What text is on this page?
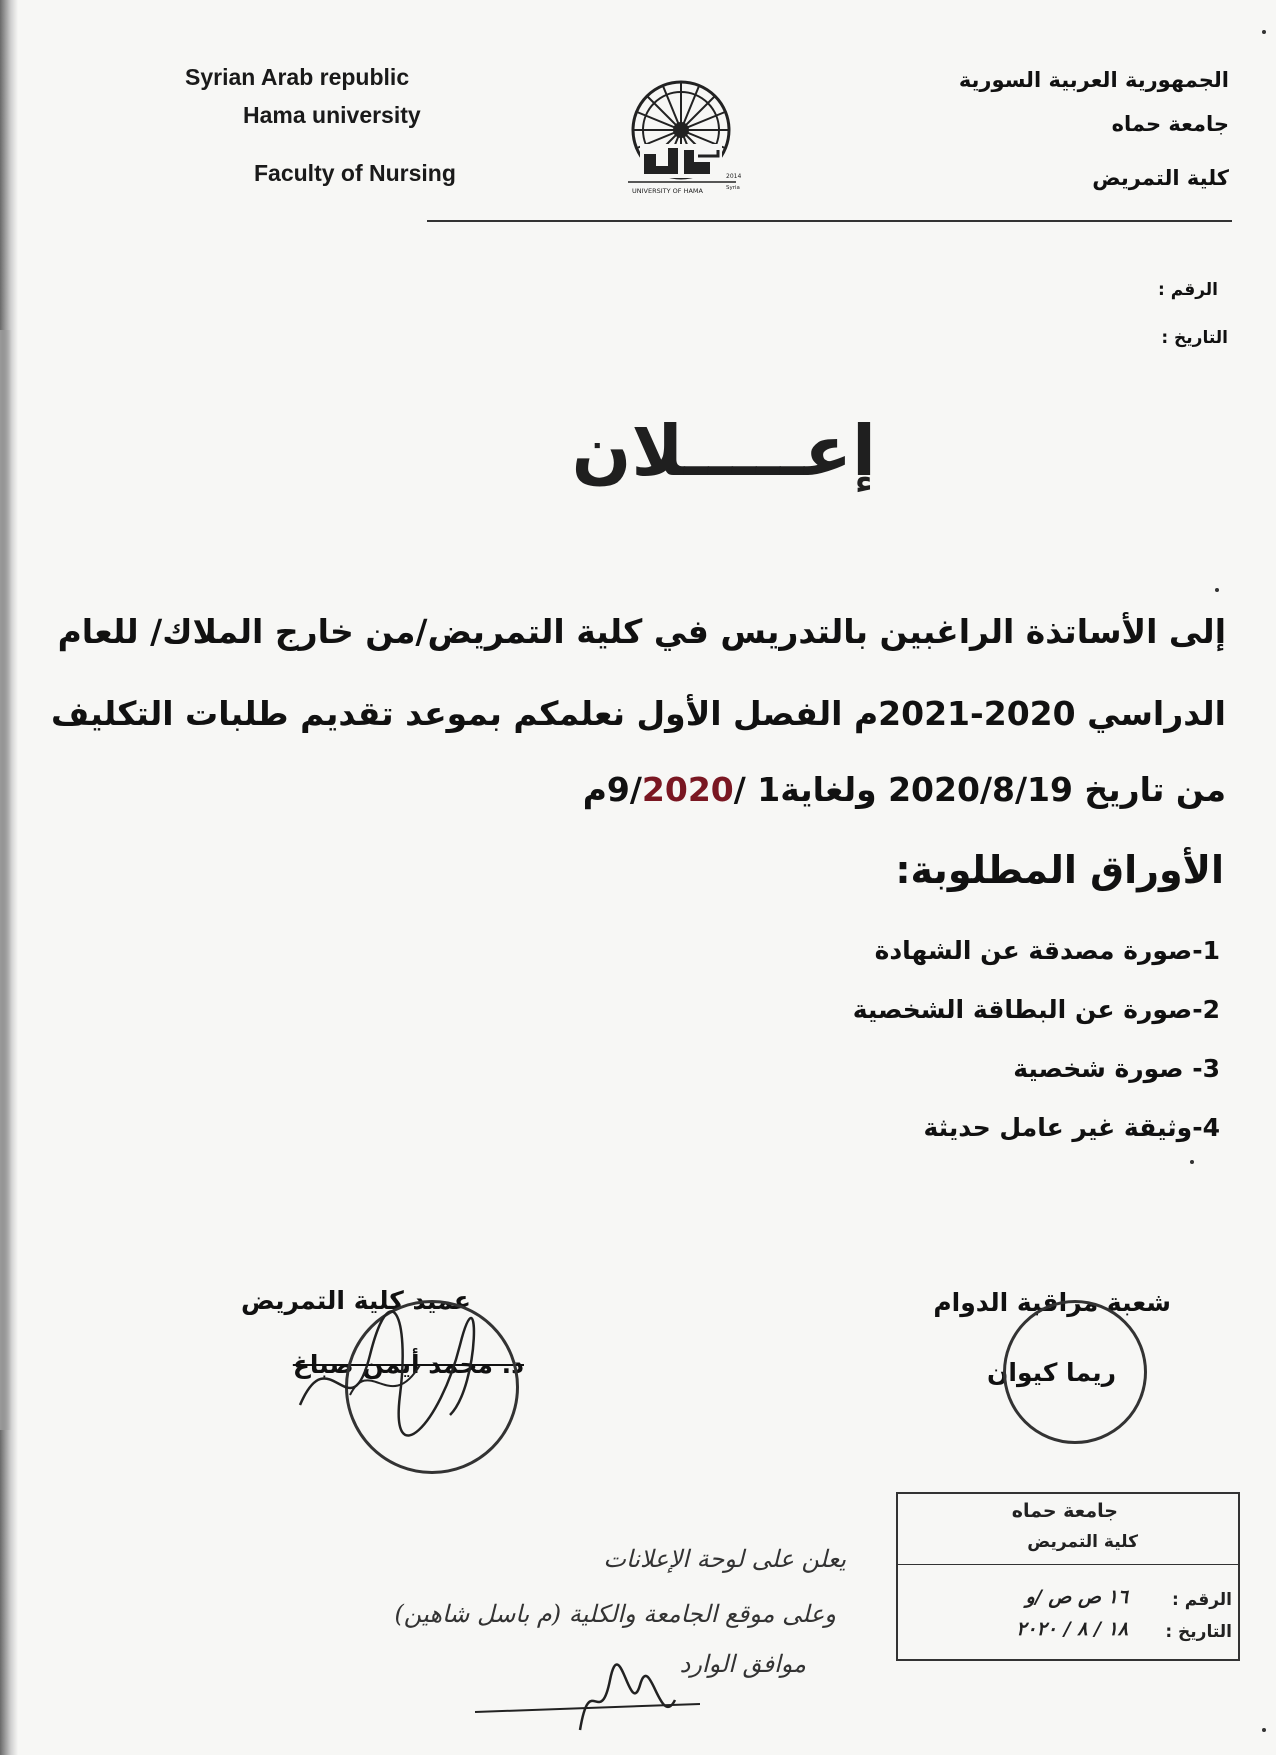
Syrian Arab republic
Hama university
Faculty of Nursing
الجمهورية العربية السورية
جامعة حماه
كلية التمريض
UNIVERSITY OF HAMA
2014
Syria
الرقم :
التاريخ :
إعـــــلان
إلى الأساتذة الراغبين بالتدريس في كلية التمريض/من خارج الملاك/ للعام
الدراسي 2020-2021م الفصل الأول نعلمكم بموعد تقديم طلبات التكليف
من تاريخ 2020/8/19 ولغاية1 /9/2020م
الأوراق المطلوبة:
1-صورة مصدقة عن الشهادة
2-صورة عن البطاقة الشخصية
3- صورة شخصية
4-وثيقة غير عامل حديثة
شعبة مراقبة الدوام
ريما كيوان
عميد كلية التمريض
د. محمد أيمن صباغ
يعلن على لوحة الإعلانات
وعلى موقع الجامعة والكلية (م باسل شاهين)
موافق الوارد
جامعة حماه
كلية التمريض
الرقم :
١٦ ص ص /و
التاريخ :
١٨ / ٨ / ٢٠٢٠
